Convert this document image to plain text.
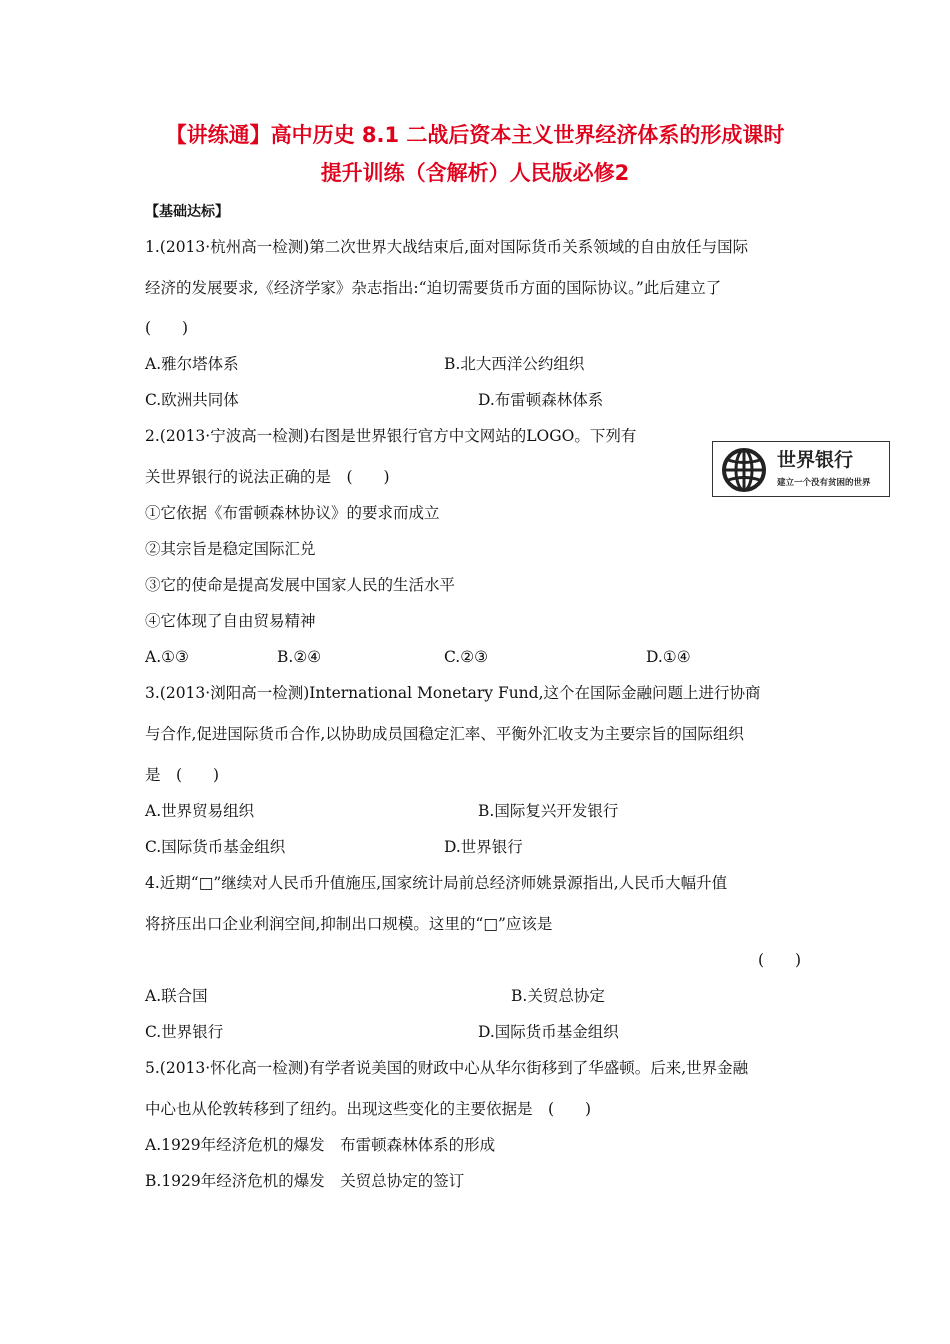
【讲练通】高中历史 8.1 二战后资本主义世界经济体系的形成课时
提升训练（含解析）人民版必修2
【基础达标】
1.(2013·杭州高一检测)第二次世界大战结束后,面对国际货币关系领域的自由放任与国际
经济的发展要求,《经济学家》杂志指出:“迫切需要货币方面的国际协议。”此后建立了
(　　)
A.雅尔塔体系	B.北大西洋公约组织
C.欧洲共同体	D.布雷顿森林体系
2.(2013·宁波高一检测)右图是世界银行官方中文网站的LOGO。下列有
关世界银行的说法正确的是　(　　)
①它依据《布雷顿森林协议》的要求而成立
②其宗旨是稳定国际汇兑
③它的使命是提高发展中国家人民的生活水平
④它体现了自由贸易精神
A.①③	B.②④	C.②③	D.①④
世界银行
建立一个没有贫困的世界
3.(2013·浏阳高一检测)International Monetary Fund,这个在国际金融问题上进行协商
与合作,促进国际货币合作,以协助成员国稳定汇率、平衡外汇收支为主要宗旨的国际组织
是　(　　)
A.世界贸易组织	B.国际复兴开发银行
C.国际货币基金组织	D.世界银行
4.近期“□”继续对人民币升值施压,国家统计局前总经济师姚景源指出,人民币大幅升值
将挤压出口企业利润空间,抑制出口规模。这里的“□”应该是
(　　)
A.联合国	B.关贸总协定
C.世界银行	D.国际货币基金组织
5.(2013·怀化高一检测)有学者说美国的财政中心从华尔街移到了华盛顿。后来,世界金融
中心也从伦敦转移到了纽约。出现这些变化的主要依据是　(　　)
A.1929年经济危机的爆发　布雷顿森林体系的形成
B.1929年经济危机的爆发　关贸总协定的签订
